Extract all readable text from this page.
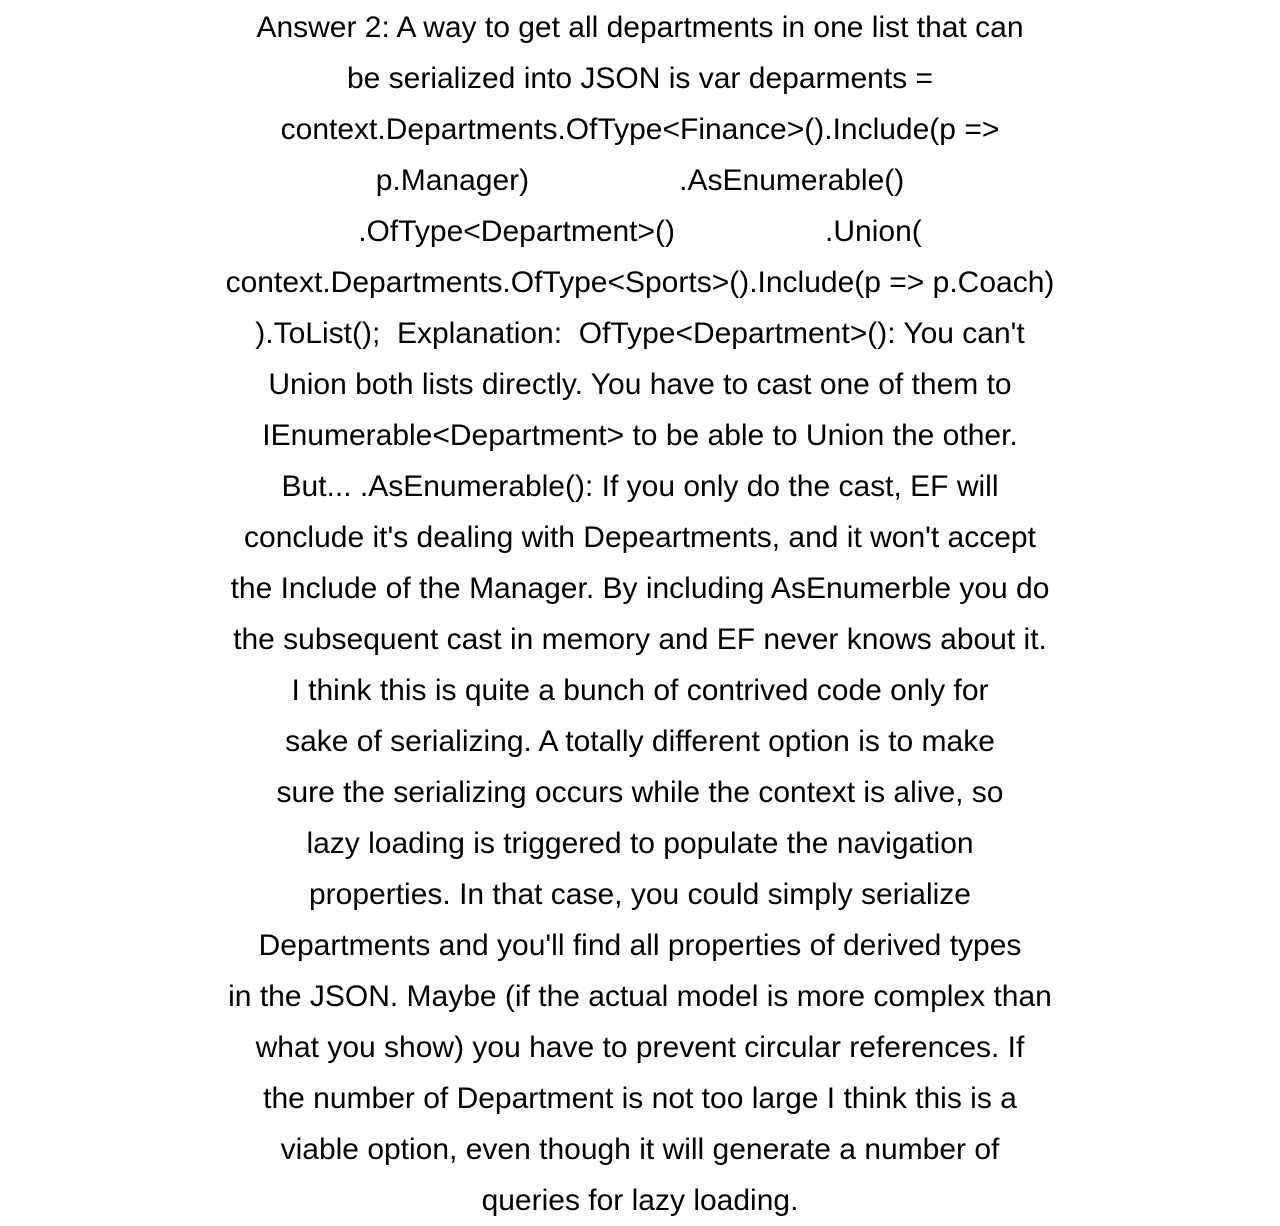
Answer 2: A way to get all departments in one list that can
be serialized into JSON is var deparments =
context.Departments.OfType<Finance>().Include(p =>
p.Manager)                  .AsEnumerable()
.OfType<Department>()                  .Union(
context.Departments.OfType<Sports>().Include(p => p.Coach)
).ToList();  Explanation:  OfType<Department>(): You can't
Union both lists directly. You have to cast one of them to
IEnumerable<Department> to be able to Union the other.
But... .AsEnumerable(): If you only do the cast, EF will
conclude it's dealing with Depeartments, and it won't accept
the Include of the Manager. By including AsEnumerble you do
the subsequent cast in memory and EF never knows about it.
I think this is quite a bunch of contrived code only for
sake of serializing. A totally different option is to make
sure the serializing occurs while the context is alive, so
lazy loading is triggered to populate the navigation
properties. In that case, you could simply serialize
Departments and you'll find all properties of derived types
in the JSON. Maybe (if the actual model is more complex than
what you show) you have to prevent circular references. If
the number of Department is not too large I think this is a
viable option, even though it will generate a number of
queries for lazy loading.
